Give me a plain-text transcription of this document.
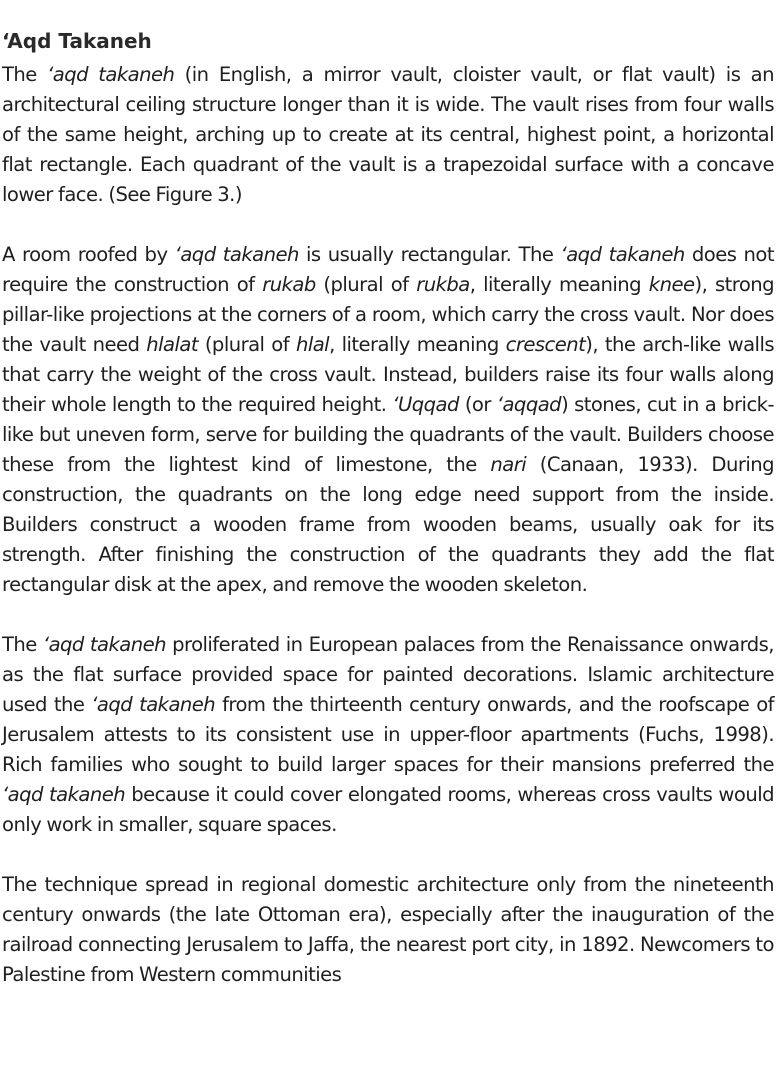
‘Aqd Takaneh
The ‘aqd takaneh (in English, a mirror vault, cloister vault, or flat vault) is an architectural ceiling structure longer than it is wide. The vault rises from four walls of the same height, arching up to create at its central, highest point, a horizontal flat rectangle. Each quadrant of the vault is a trapezoidal surface with a concave lower face. (See Figure 3.)
A room roofed by ‘aqd takaneh is usually rectangular. The ‘aqd takaneh does not require the construction of rukab (plural of rukba, literally meaning knee), strong pillar-like projections at the corners of a room, which carry the cross vault. Nor does the vault need hlalat (plural of hlal, literally meaning crescent), the arch-like walls that carry the weight of the cross vault. Instead, builders raise its four walls along their whole length to the required height. ‘Uqqad (or ‘aqqad) stones, cut in a brick-like but uneven form, serve for building the quadrants of the vault. Builders choose these from the lightest kind of limestone, the nari (Canaan, 1933). During construction, the quadrants on the long edge need support from the inside. Builders construct a wooden frame from wooden beams, usually oak for its strength. After finishing the construction of the quadrants they add the flat rectangular disk at the apex, and remove the wooden skeleton.
The ‘aqd takaneh proliferated in European palaces from the Renaissance onwards, as the flat surface provided space for painted decorations. Islamic architecture used the ‘aqd takaneh from the thirteenth century onwards, and the roofscape of Jerusalem attests to its consistent use in upper-floor apartments (Fuchs, 1998). Rich families who sought to build larger spaces for their mansions preferred the ‘aqd takaneh because it could cover elongated rooms, whereas cross vaults would only work in smaller, square spaces.
The technique spread in regional domestic architecture only from the nineteenth century onwards (the late Ottoman era), especially after the inauguration of the railroad connecting Jerusalem to Jaffa, the nearest port city, in 1892. Newcomers to Palestine from Western communities
